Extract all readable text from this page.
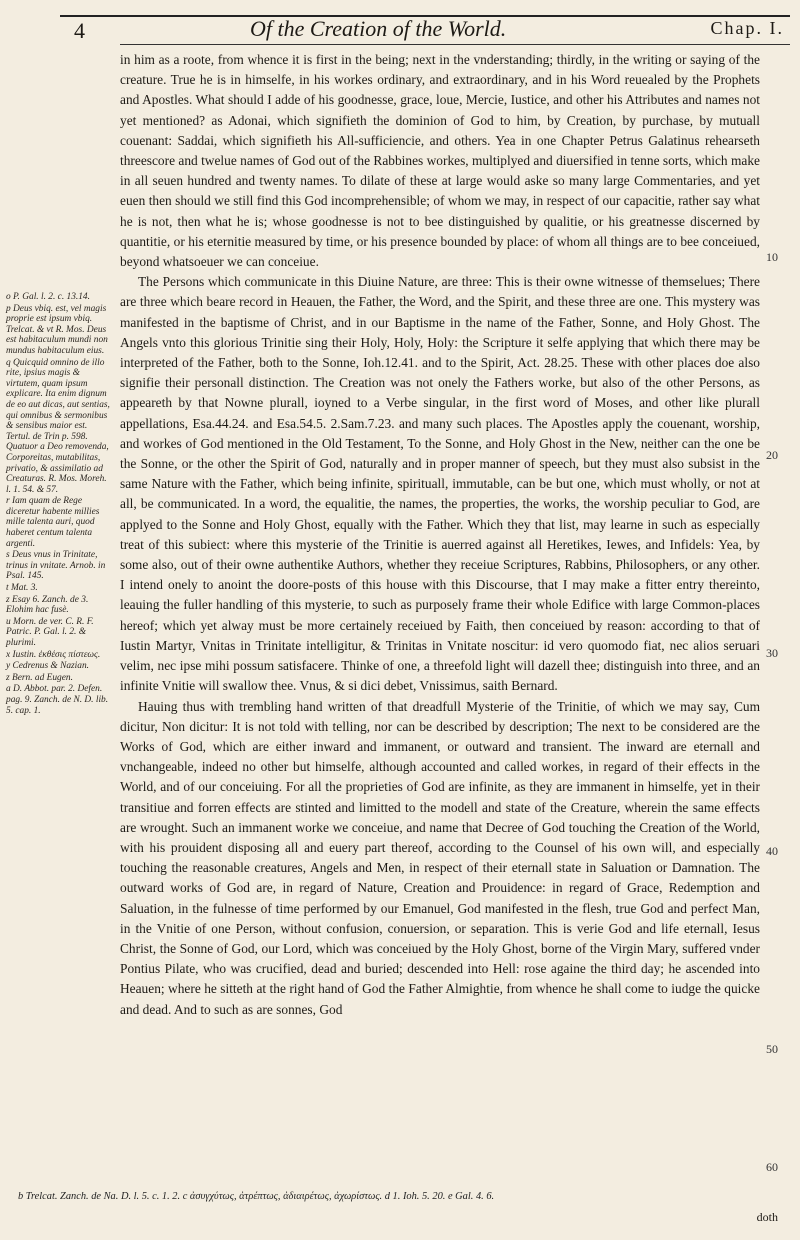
4	Of the Creation of the World.	Chap. I.

in him as a roote, from whence it is first in the being; next in the vnderstanding; thirdly, in the writing or saying of the creature. True he is in himselfe, in his workes ordinary, and extraordinary, and in his Word reuealed by the Prophets and Apostles. What should I adde of his goodnesse, grace, loue, Mercie, Iustice, and other his Attributes and names not yet mentioned? as Adonai, which signifieth the dominion of God to him, by Creation, by purchase, by mutuall couenant: Saddai, which signifieth his All-sufficiencie, and others. Yea in one Chapter Petrus Galatinus rehearseth threescore and twelue names of God out of the Rabbines workes, multiplyed and diuersified in tenne sorts, which make in all seuen hundred and twenty names. To dilate of these at large would aske so many large Commentaries, and yet euen then should we still find this God incomprehensible; of whom we may, in respect of our capacitie, rather say what he is not, then what he is; whose goodnesse is not to bee distinguished by qualitie, or his greatnesse discerned by quantitie, or his eternitie measured by time, or his presence bounded by place: of whom all things are to bee conceiued, beyond whatsoeuer we can conceiue.

The Persons which communicate in this Diuine Nature, are three: This is their owne witnesse of themselues; There are three which beare record in Heauen, the Father, the Word, and the Spirit, and these three are one. This mystery was manifested in the baptisme of Christ, and in our Baptisme in the name of the Father, Sonne, and Holy Ghost. The Angels vnto this glorious Trinitie sing their Holy, Holy, Holy: the Scripture it selfe applying that which there may be interpreted of the Father, both to the Sonne, Ioh.12.41. and to the Spirit, Act. 28.25. These with other places doe also signifie their personall distinction. The Creation was not onely the Fathers worke, but also of the other Persons, as appeareth by that Nowne plurall, ioyned to a Verbe singular, in the first word of Moses, and other like plurall appellations, Esa.44.24. and Esa.54.5. 2.Sam.7.23. and many such places. The Apostles apply the couenant, worship, and workes of God mentioned in the Old Testament, To the Sonne, and Holy Ghost in the New, neither can the one be the Sonne, or the other the Spirit of God, naturally and in proper manner of speech, but they must also subsist in the same Nature with the Father, which being infinite, spirituall, immutable, can be but one, which must wholly, or not at all, be communicated. In a word, the equalitie, the names, the properties, the works, the worship peculiar to God, are applyed to the Sonne and Holy Ghost, equally with the Father. Which they that list, may learne in such as especially treat of this subiect: where this mysterie of the Trinitie is auerred against all Heretikes, Iewes, and Infidels: Yea, by some also, out of their owne authentike Authors, whether they receiue Scriptures, Rabbins, Philosophers, or any other. I intend onely to anoint the doore-posts of this house with this Discourse, that I may make a fitter entry thereinto, leauing the fuller handling of this mysterie, to such as purposely frame their whole Edifice with large Common-places hereof; which yet alway must be more certainely receiued by Faith, then conceiued by reason: according to that of Iustin Martyr, Vnitas in Trinitate intelligitur, & Trinitas in Vnitate noscitur: id vero quomodo fiat, nec alios seruari velim, nec ipse mihi possum satisfacere. Thinke of one, a threefold light will dazell thee; distinguish into three, and an infinite Vnitie will swallow thee. Vnus, & si dici debet, Vnissimus, saith Bernard.

Hauing thus with trembling hand written of that dreadfull Mysterie of the Trinitie, of which we may say, Cum dicitur, Non dicitur: It is not told with telling, nor can be described by description; The next to be considered are the Works of God, which are either inward and immanent, or outward and transient. The inward are eternall and vnchangeable, indeed no other but himselfe, although accounted and called workes, in regard of their effects in the World, and of our conceiuing. For all the proprieties of God are infinite, as they are immanent in himselfe, yet in their transitiue and forren effects are stinted and limitted to the modell and state of the Creature, wherein the same effects are wrought. Such an immanent worke we conceiue, and name that Decree of God touching the Creation of the World, with his prouident disposing all and euery part thereof, according to the Counsel of his own will, and especially touching the reasonable creatures, Angels and Men, in respect of their eternall state in Saluation or Damnation. The outward works of God are, in regard of Nature, Creation and Prouidence: in regard of Grace, Redemption and Saluation, in the fulnesse of time performed by our Emanuel, God manifested in the flesh, true God and perfect Man, in the Vnitie of one Person, without confusion, conuersion, or separation. This is verie God and life eternall, Iesus Christ, the Sonne of God, our Lord, which was conceiued by the Holy Ghost, borne of the Virgin Mary, suffered vnder Pontius Pilate, who was crucified, dead and buried; descended into Hell: rose againe the third day; he ascended into Heauen; where he sitteth at the right hand of God the Father Almightie, from whence he shall come to iudge the quicke and dead. And to such as are sonnes, God

o P. Gal. l. 2. c. 13.14.

p Deus vbiq. est, vel magis proprie est ipsum vbiq. Trelcat. & vt R. Mos. Deus est habitaculum mundi non mundus habitaculum eius.

q Quicquid omnino de illo rite, ipsius magis & virtutem, quam ipsum explicare. Ita enim dignum de eo aut dicas, aut sentias, qui omnibus & sermonibus & sensibus maior est. Tertul. de Trin p. 598. Quatuor a Deo removenda, Corporeitas, mutabilitas, privatio, & assimilatio ad Creaturas. R. Mos. Moreh. l. 1. 54. & 57.

r Iam quam de Rege diceretur habente millies mille talenta auri, quod haberet centum talenta argenti.

s Deus vnus in Trinitate, trinus in vnitate. Arnob. in Psal. 145.

t Mat. 3.

z Esay 6. Zanch. de 3. Elohim hac fusè.

u Morn. de ver. C. R. F. Patric. P. Gal. l. 2. & plurimi.

x Iustin. ἐκθέσις πίστεως.

y Cedrenus & Nazian.

z Bern. ad Eugen.

a D. Abbot. par. 2. Defen. pag. 9. Zanch. de N. D. lib. 5. cap. 1.

10
20
30
40
50
60
b Trelcat. Zanch. de Na. D. l. 5. c. 1. 2. c ἀσυγχύτως, ἀτρέπτως, ἀδιαιρέτως, ἀχωρίστως. d 1. Ioh. 5. 20. e Gal. 4. 6.
doth
